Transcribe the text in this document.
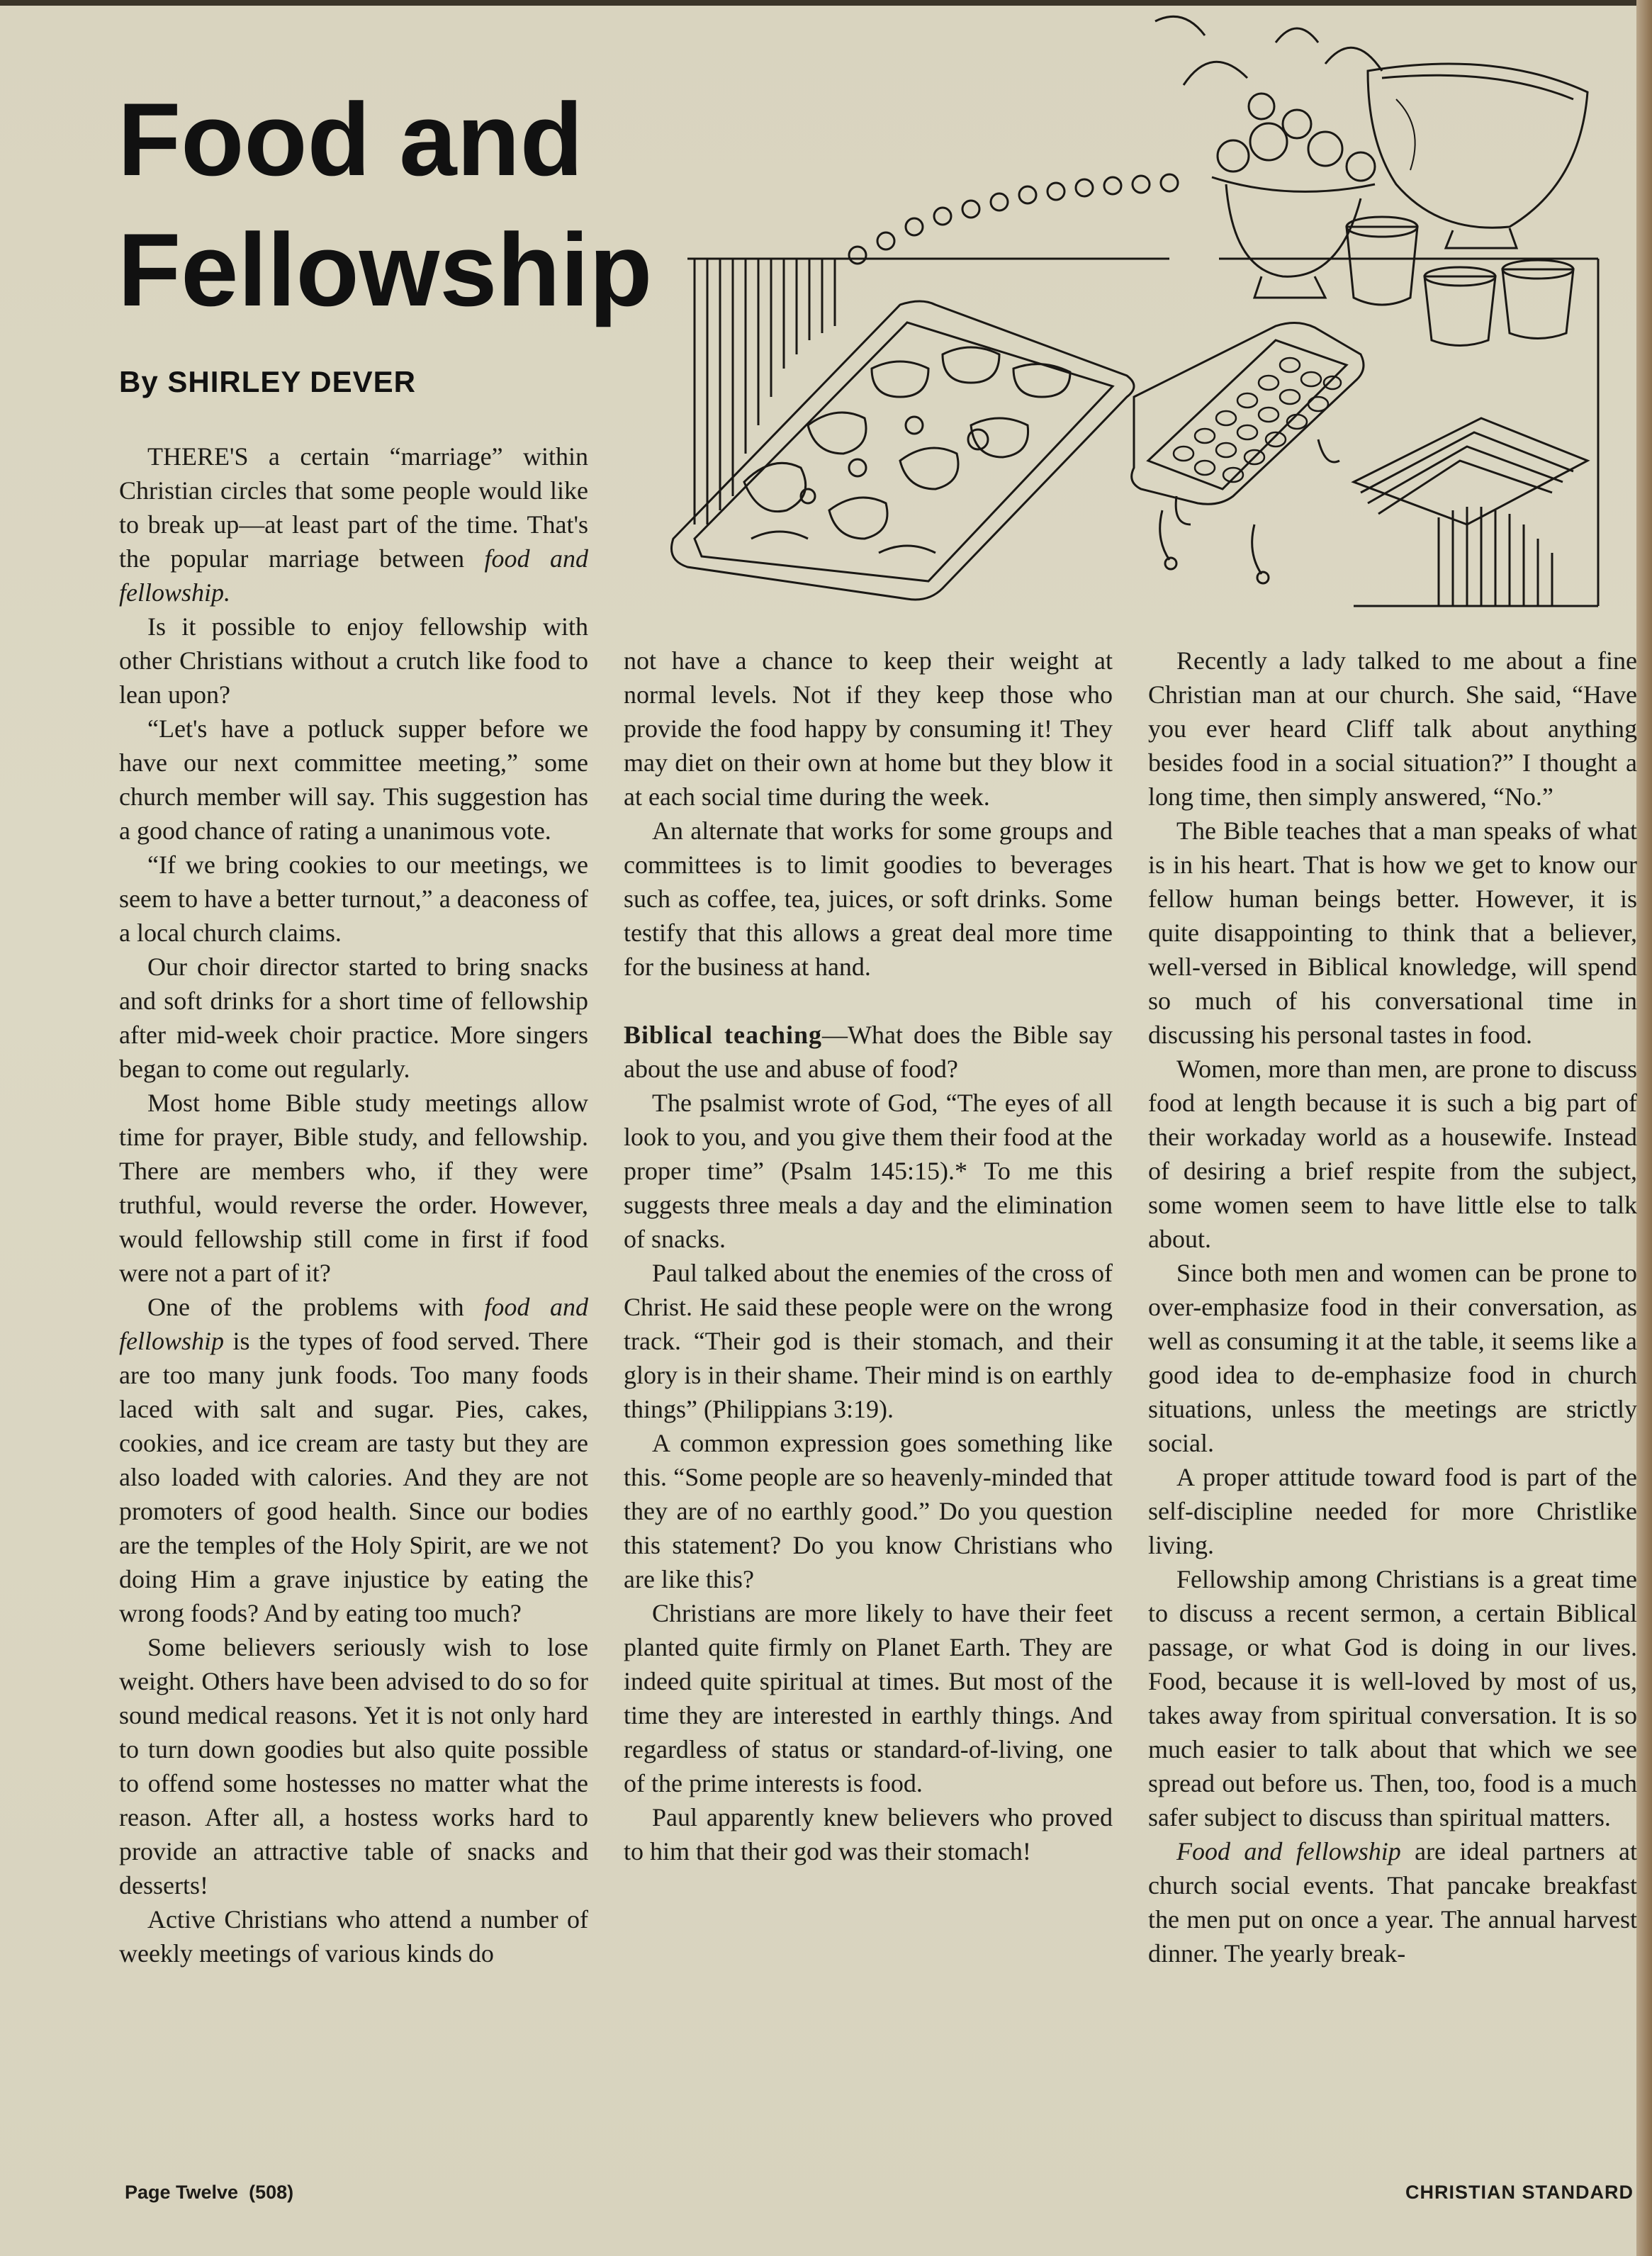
Food and
Fellowship
By SHIRLEY DEVER

THERE'S a certain “marriage” within Christian circles that some people would like to break up—at least part of the time. That's the popular marriage between food and fellowship.

Is it possible to enjoy fellowship with other Christians without a crutch like food to lean upon?

“Let's have a potluck supper before we have our next committee meeting,” some church member will say. This suggestion has a good chance of rating a unanimous vote.

“If we bring cookies to our meetings, we seem to have a better turnout,” a deaconess of a local church claims.

Our choir director started to bring snacks and soft drinks for a short time of fellowship after mid-week choir practice. More singers began to come out regularly.

Most home Bible study meetings allow time for prayer, Bible study, and fellowship. There are members who, if they were truthful, would reverse the order. However, would fellowship still come in first if food were not a part of it?

One of the problems with food and fellowship is the types of food served. There are too many junk foods. Too many foods laced with salt and sugar. Pies, cakes, cookies, and ice cream are tasty but they are also loaded with calories. And they are not promoters of good health. Since our bodies are the temples of the Holy Spirit, are we not doing Him a grave injustice by eating the wrong foods? And by eating too much?

Some believers seriously wish to lose weight. Others have been advised to do so for sound medical reasons. Yet it is not only hard to turn down goodies but also quite possible to offend some hostesses no matter what the reason. After all, a hostess works hard to provide an attractive table of snacks and desserts!

Active Christians who attend a number of weekly meetings of various kinds do

not have a chance to keep their weight at normal levels. Not if they keep those who provide the food happy by consuming it! They may diet on their own at home but they blow it at each social time during the week.

An alternate that works for some groups and committees is to limit goodies to beverages such as coffee, tea, juices, or soft drinks. Some testify that this allows a great deal more time for the business at hand.

Biblical teaching—What does the Bible say about the use and abuse of food?

The psalmist wrote of God, “The eyes of all look to you, and you give them their food at the proper time” (Psalm 145:15).* To me this suggests three meals a day and the elimination of snacks.

Paul talked about the enemies of the cross of Christ. He said these people were on the wrong track. “Their god is their stomach, and their glory is in their shame. Their mind is on earthly things” (Philippians 3:19).

A common expression goes something like this. “Some people are so heavenly-minded that they are of no earthly good.” Do you question this statement? Do you know Christians who are like this?

Christians are more likely to have their feet planted quite firmly on Planet Earth. They are indeed quite spiritual at times. But most of the time they are interested in earthly things. And regardless of status or standard-of-living, one of the prime interests is food.

Paul apparently knew believers who proved to him that their god was their stomach!

Recently a lady talked to me about a fine Christian man at our church. She said, “Have you ever heard Cliff talk about anything besides food in a social situation?” I thought a long time, then simply answered, “No.”

The Bible teaches that a man speaks of what is in his heart. That is how we get to know our fellow human beings better. However, it is quite disappointing to think that a believer, well-versed in Biblical knowledge, will spend so much of his conversational time in discussing his personal tastes in food.

Women, more than men, are prone to discuss food at length because it is such a big part of their workaday world as a housewife. Instead of desiring a brief respite from the subject, some women seem to have little else to talk about.

Since both men and women can be prone to over-emphasize food in their conversation, as well as consuming it at the table, it seems like a good idea to de-emphasize food in church situations, unless the meetings are strictly social.

A proper attitude toward food is part of the self-discipline needed for more Christlike living.

Fellowship among Christians is a great time to discuss a recent sermon, a certain Biblical passage, or what God is doing in our lives. Food, because it is well-loved by most of us, takes away from spiritual conversation. It is so much easier to talk about that which we see spread out before us. Then, too, food is a much safer subject to discuss than spiritual matters.

Food and fellowship are ideal partners at church social events. That pancake breakfast the men put on once a year. The annual harvest dinner. The yearly break-

Page Twelve (508)	CHRISTIAN STANDARD
